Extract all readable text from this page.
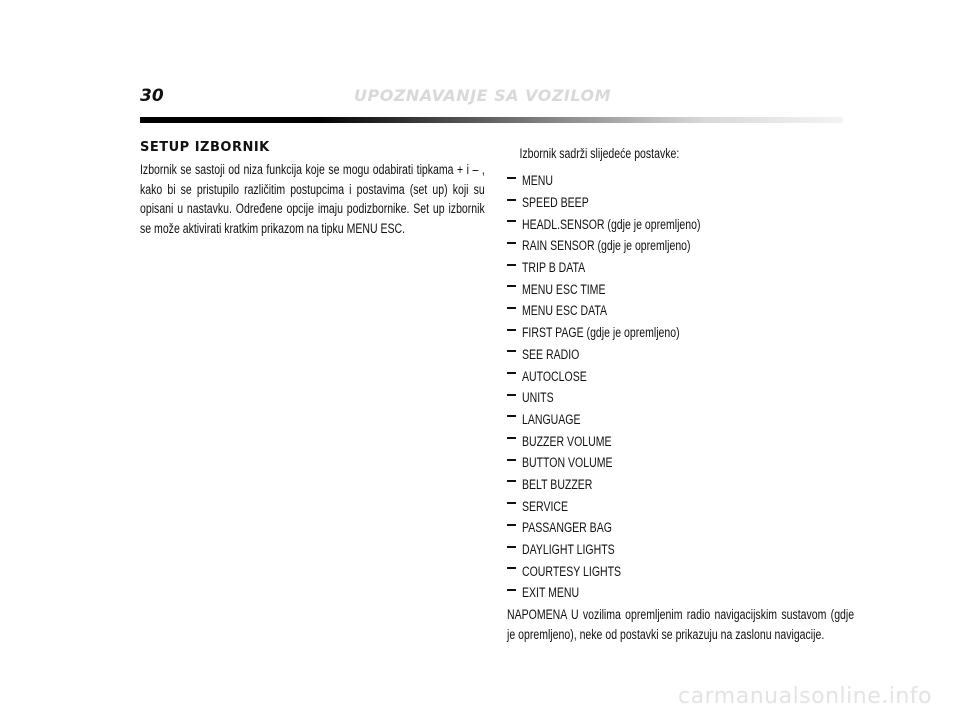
30	UPOZNAVANJE SA VOZILOM
SETUP IZBORNIK
Izbornik se sastoji od niza funkcija koje se mogu odabirati tipkama + i – , kako bi se pristupilo različitim postupcima i postavima (set up) koji su opisani u nastavku. Određene opcije imaju podizbornike. Set up izbornik se može aktivirati kratkim prikazom na tipku MENU ESC.
Izbornik sadrži slijedeće postavke:
MENU
SPEED BEEP
HEADL.SENSOR (gdje je opremljeno)
RAIN SENSOR (gdje je opremljeno)
TRIP B DATA
MENU ESC TIME
MENU ESC DATA
FIRST PAGE (gdje je opremljeno)
SEE RADIO
AUTOCLOSE
UNITS
LANGUAGE
BUZZER VOLUME
BUTTON VOLUME
BELT BUZZER
SERVICE
PASSANGER BAG
DAYLIGHT LIGHTS
COURTESY LIGHTS
EXIT MENU
NAPOMENA U vozilima opremljenim radio navigacijskim sustavom (gdje je opremljeno), neke od postavki se prikazuju na zaslonu navigacije.
carmanualsonline.info
